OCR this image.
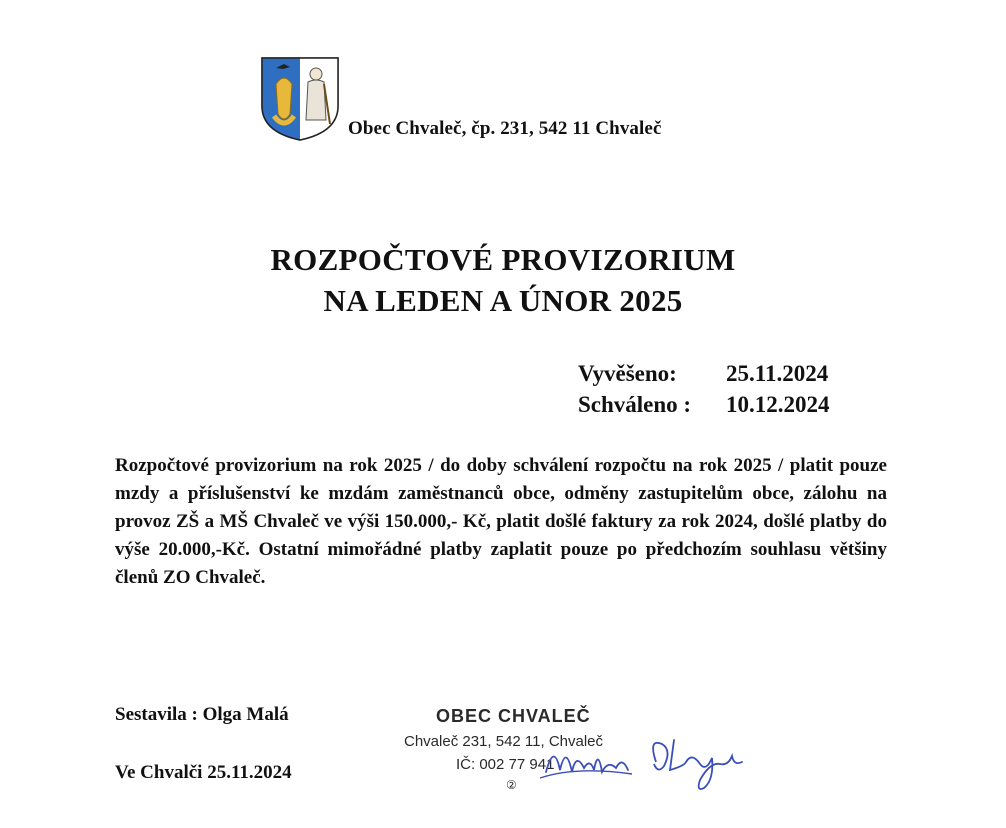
Obec Chvaleč, čp. 231, 542 11 Chvaleč
ROZPOČTOVÉ PROVIZORIUM
NA LEDEN A ÚNOR 2025
Vyvěšeno: 25.11.2024
Schváleno : 10.12.2024
Rozpočtové provizorium na rok 2025 / do doby schválení rozpočtu na rok 2025 / platit pouze mzdy a příslušenství ke mzdám zaměstnanců obce, odměny zastupitelům obce, zálohu na provoz ZŠ a MŠ Chvaleč ve výši 150.000,- Kč, platit došlé faktury za rok 2024, došlé platby do výše 20.000,-Kč. Ostatní mimořádné platby zaplatit pouze po předchozím souhlasu většiny členů ZO Chvaleč.
Sestavila : Olga Malá
Ve Chvalči 25.11.2024
OBEC CHVALEČ
Chvaleč 231, 542 11, Chvaleč
IČ: 002 77 941
②
